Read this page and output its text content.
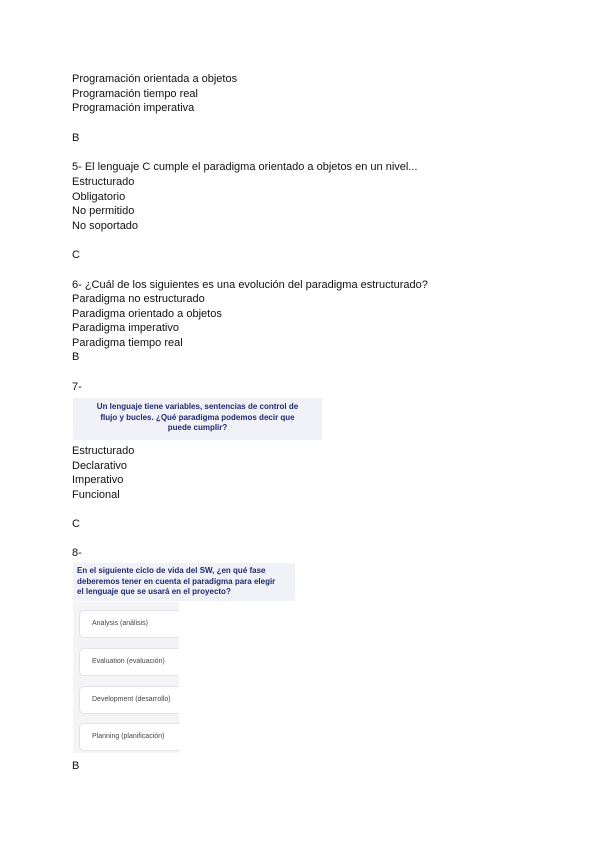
Programación orientada a objetos
Programación tiempo real
Programación imperativa
B
5- El lenguaje C cumple el paradigma orientado a objetos en un nivel...
Estructurado
Obligatorio
No permitido
No soportado
C
6- ¿Cuál de los siguientes es una evolución del paradigma estructurado?
Paradigma no estructurado
Paradigma orientado a objetos
Paradigma imperativo
Paradigma tiempo real
B
7-
Un lenguaje tiene variables, sentencias de control de
flujo y bucles. ¿Qué paradigma podemos decir que
puede cumplir?
Estructurado
Declarativo
Imperativo
Funcional
C
8-
En el siguiente ciclo de vida del SW, ¿en qué fase
deberemos tener en cuenta el paradigma para elegir
el lenguaje que se usará en el proyecto?
Analysis (análisis)
Evaluation (evaluación)
Development (desarrollo)
Planning (planificación)
B
